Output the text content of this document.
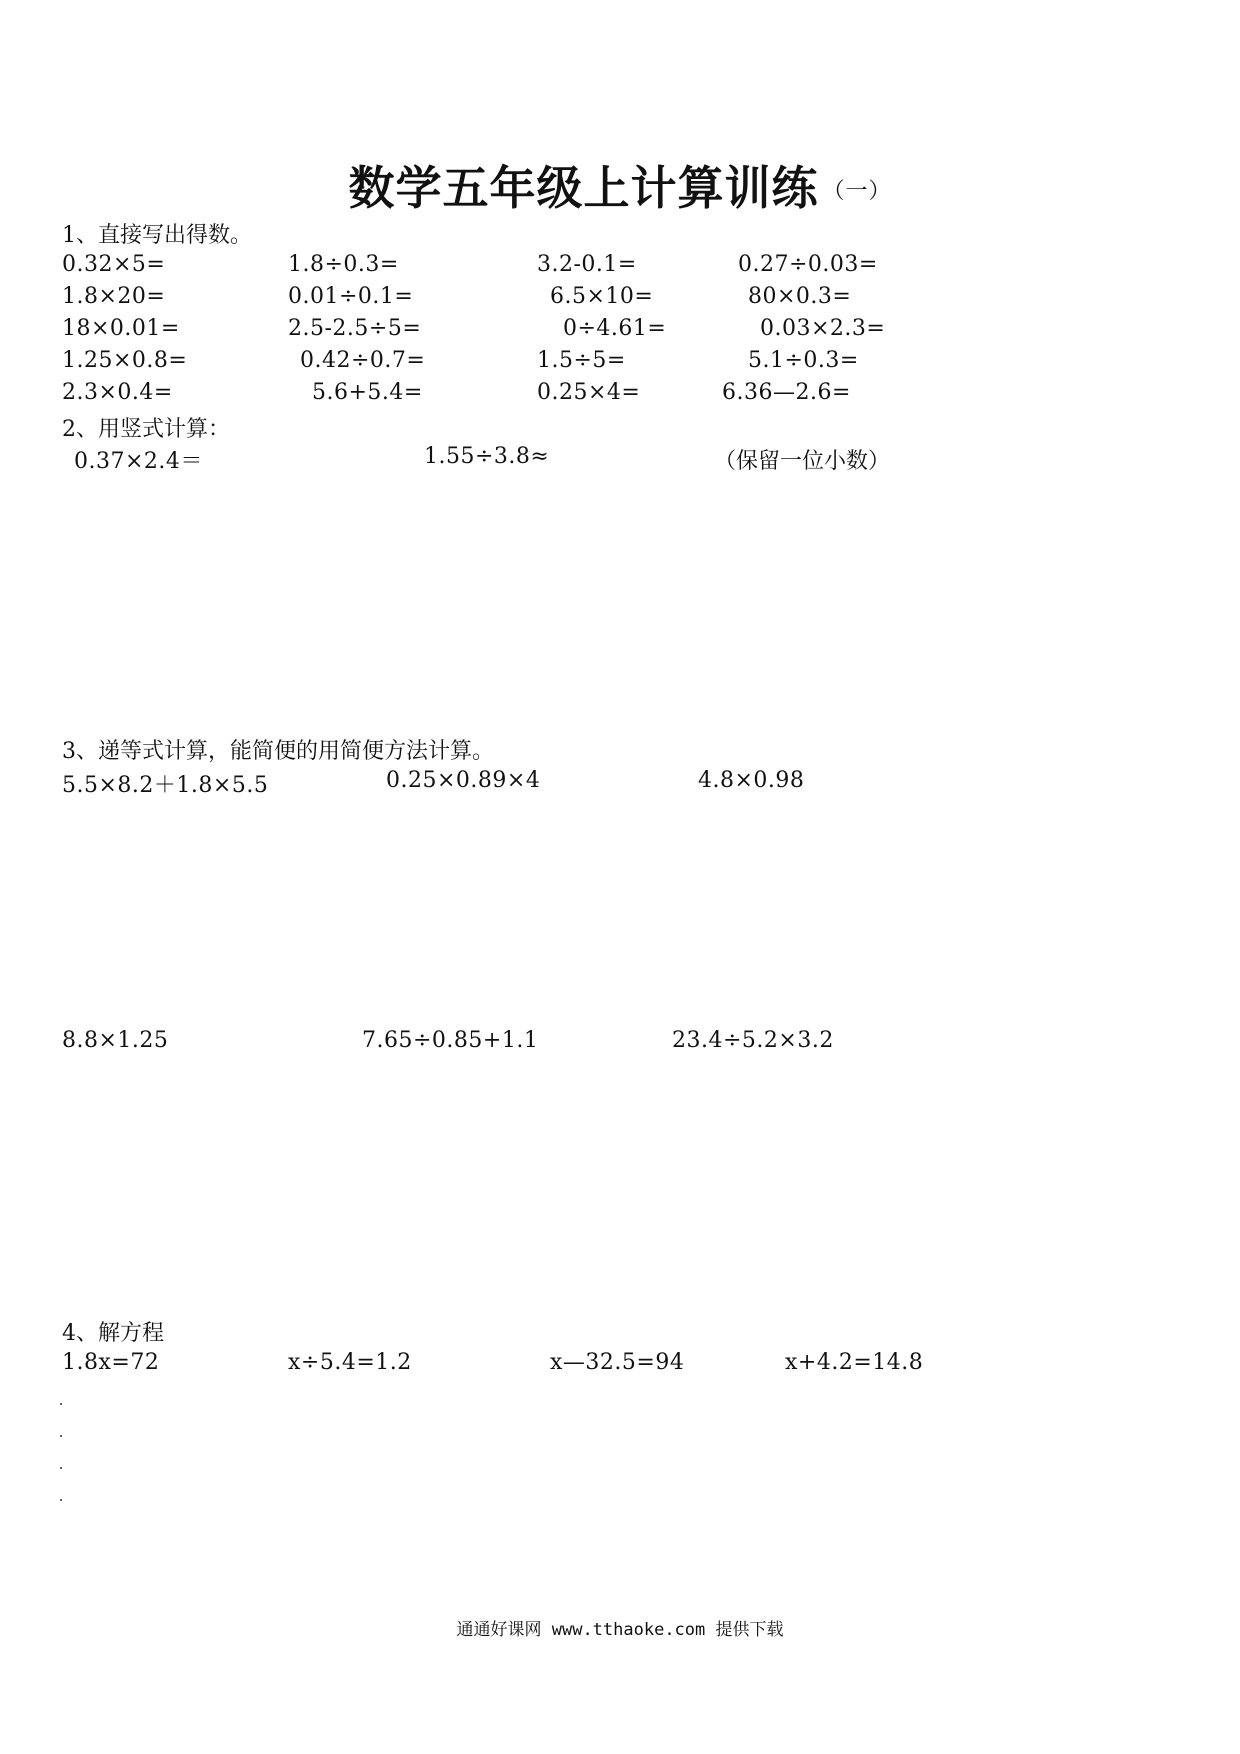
数学五年级上计算训练 （一）
1、直接写出得数。
0.32×5=	1.8÷0.3=	3.2-0.1=	0.27÷0.03=
1.8×20=	0.01÷0.1=	6.5×10=	80×0.3=
18×0.01=	2.5-2.5÷5=	0÷4.61=	0.03×2.3=
1.25×0.8=	0.42÷0.7=	1.5÷5=	5.1÷0.3=
2.3×0.4=	5.6+5.4=	0.25×4=	6.36—2.6=
2、用竖式计算：
0.37×2.4＝	1.55÷3.8≈	（保留一位小数）
3、递等式计算，能简便的用简便方法计算。
5.5×8.2＋1.8×5.5	0.25×0.89×4	4.8×0.98
8.8×1.25	7.65÷0.85+1.1	23.4÷5.2×3.2
4、解方程
1.8x=72	x÷5.4=1.2	x—32.5=94	x+4.2=14.8
通通好课网 www.tthaoke.com 提供下载
